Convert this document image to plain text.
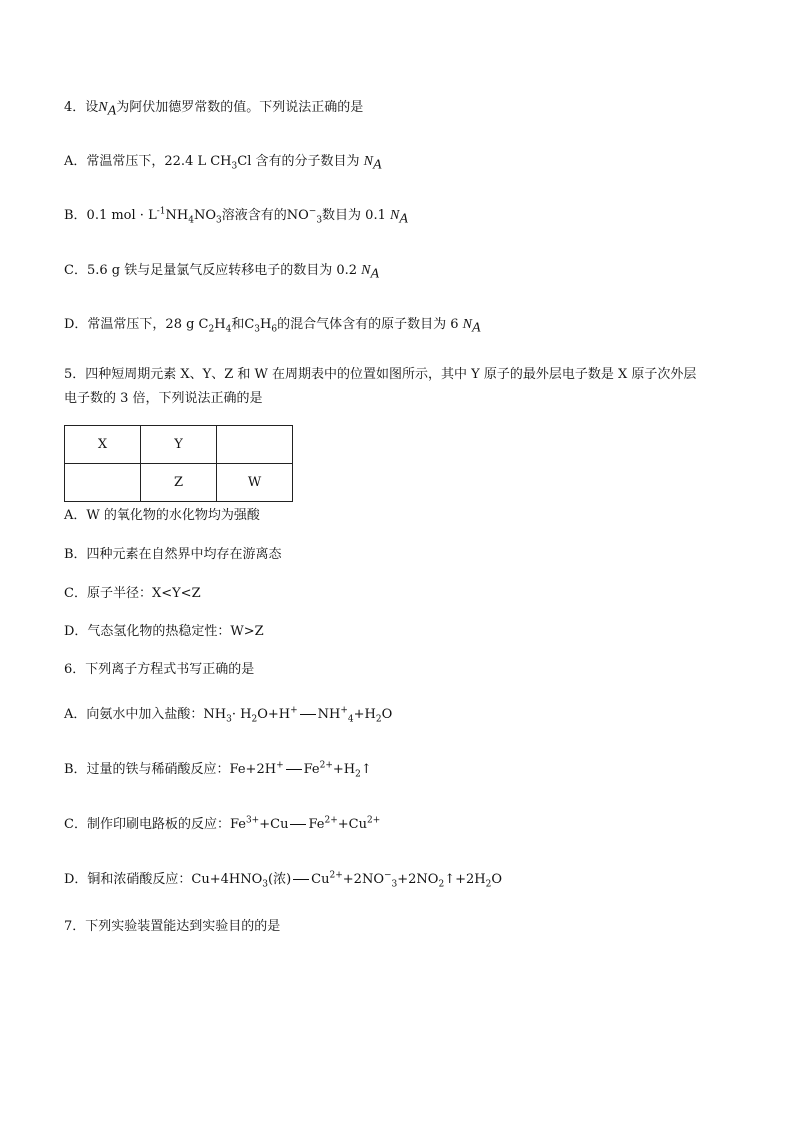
4．设$N_A$为阿伏加德罗常数的值。下列说法正确的是
A．常温常压下，22.4 L $CH_3Cl$ 含有的分子数目为 $N_A$
B．0.1 mol · $L^{-1}NH_4NO_3$溶液含有的$NO^-_3$数目为 0.1 $N_A$
C．5.6 g 铁与足量氯气反应转移电子的数目为 0.2 $N_A$
D．常温常压下，28 g $C_2H_4$和$C_3H_6$的混合气体含有的原子数目为 6 $N_A$
5．四种短周期元素 X、Y、Z 和 W 在周期表中的位置如图所示，其中 Y 原子的最外层电子数是 X 原子次外层
电子数的 3 倍，下列说法正确的是
X	Y	
	Z	W
A．W 的氧化物的水化物均为强酸
B．四种元素在自然界中均存在游离态
C．原子半径：X<Y<Z
D．气态氢化物的热稳定性：W>Z
6．下列离子方程式书写正确的是
A．向氨水中加入盐酸：$NH_3\cdot H_2O+H^+$ $NH^+_4+H_2O$
B．过量的铁与稀硝酸反应：Fe+2H+ $Fe^{2+}+H_2↑$
C．制作印刷电路板的反应：$Fe^{3+}+Cu$ $Fe^{2+}+Cu^{2+}$
D．铜和浓硝酸反应：$Cu+4HNO_3$(浓) $Cu^{2+}+2NO^-_3+2NO_2↑+2H_2O$
7．下列实验装置能达到实验目的的是
